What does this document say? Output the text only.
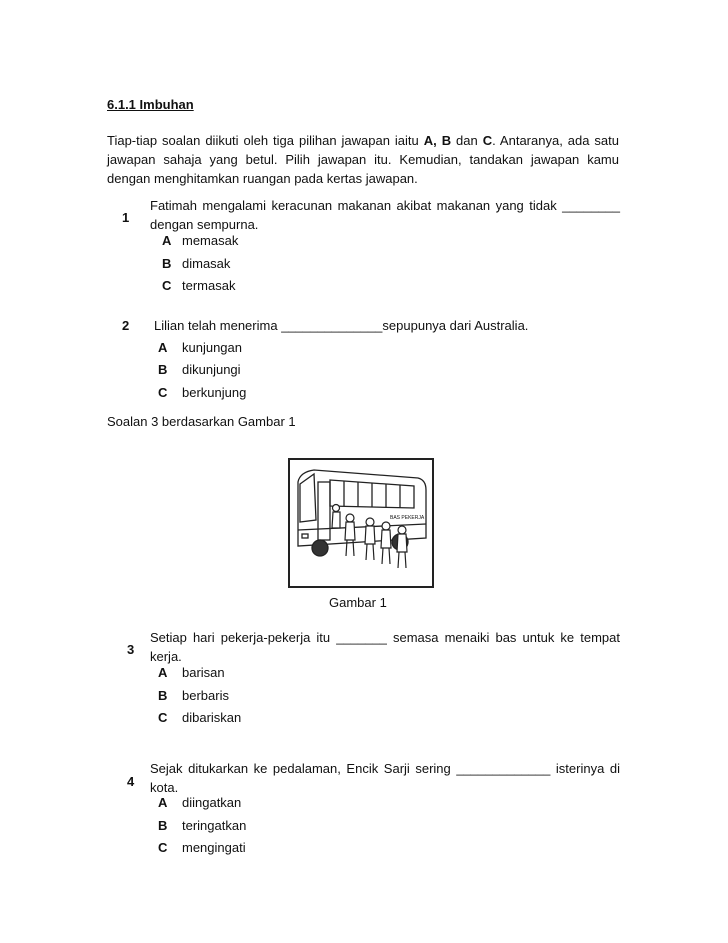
6.1.1 Imbuhan
Tiap-tiap soalan diikuti oleh tiga pilihan jawapan iaitu A, B dan C. Antaranya, ada satu jawapan sahaja yang betul. Pilih jawapan itu. Kemudian, tandakan jawapan kamu dengan menghitamkan ruangan pada kertas jawapan.
Fatimah mengalami keracunan makanan akibat makanan yang tidak ________ dengan sempurna.
1
A memasak
B dimasak
C termasak
2 Lilian telah menerima ______________sepupunya dari Australia.
A kunjungan
B dikunjungi
C berkunjung
Soalan 3 berdasarkan Gambar 1
BAS PEKERJA
Gambar 1
Setiap hari pekerja-pekerja itu _______ semasa menaiki bas untuk ke tempat kerja.
3
A barisan
B berbaris
C dibariskan
Sejak ditukarkan ke pedalaman, Encik Sarji sering _____________ isterinya di kota.
4
A diingatkan
B teringatkan
C mengingati
